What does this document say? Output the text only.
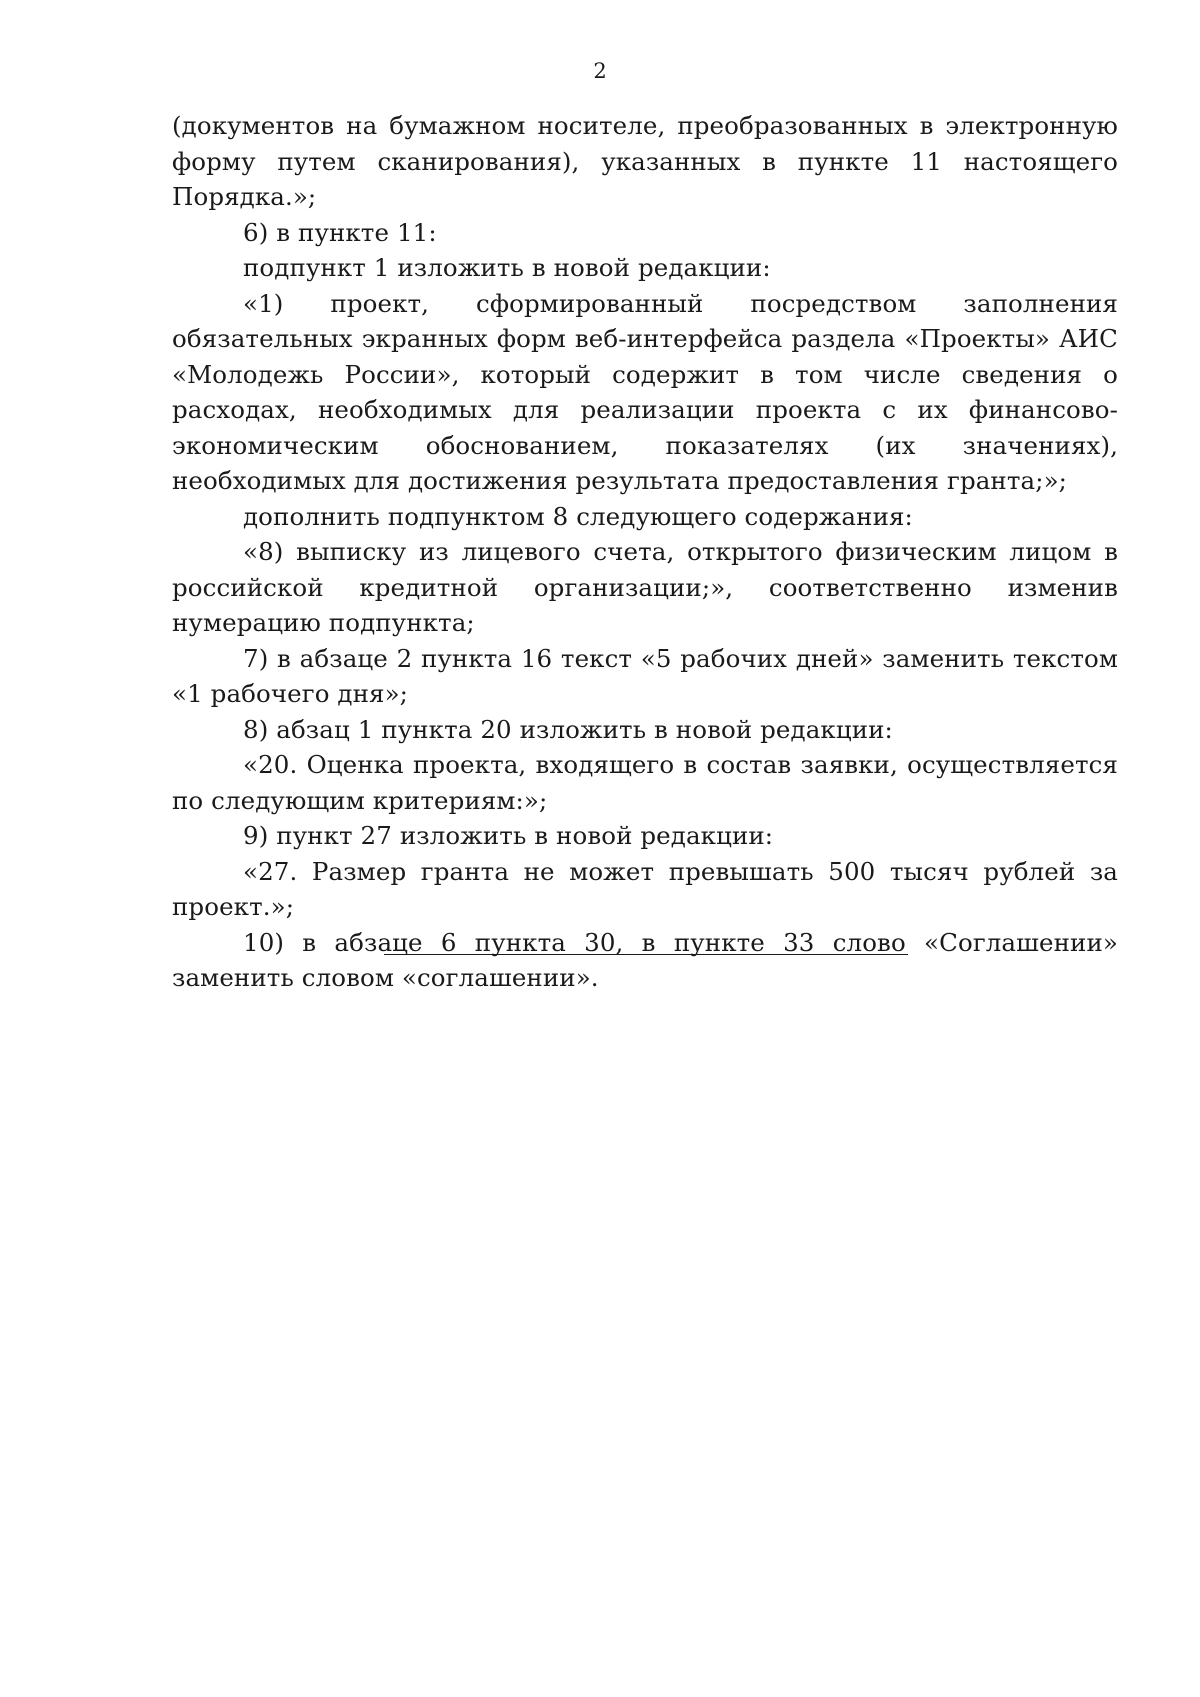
2

(документов на бумажном носителе, преобразованных в электронную форму путем сканирования), указанных в пункте 11 настоящего Порядка.»;

6) в пункте 11:

подпункт 1 изложить в новой редакции:

«1) проект, сформированный посредством заполнения обязательных экранных форм веб-интерфейса раздела «Проекты» АИС «Молодежь России», который содержит в том числе сведения о расходах, необходимых для реализации проекта с их финансово-экономическим обоснованием, показателях (их значениях), необходимых для достижения результата предоставления гранта;»;

дополнить подпунктом 8 следующего содержания:

«8) выписку из лицевого счета, открытого физическим лицом в российской кредитной организации;», соответственно изменив нумерацию подпункта;

7) в абзаце 2 пункта 16 текст «5 рабочих дней» заменить текстом «1 рабочего дня»;

8) абзац 1 пункта 20 изложить в новой редакции:

«20. Оценка проекта, входящего в состав заявки, осуществляется по следующим критериям:»;

9) пункт 27 изложить в новой редакции:

«27. Размер гранта не может превышать 500 тысяч рублей за проект.»;

10) в абзаце 6 пункта 30, в пункте 33 слово «Соглашении» заменить словом «соглашении».
